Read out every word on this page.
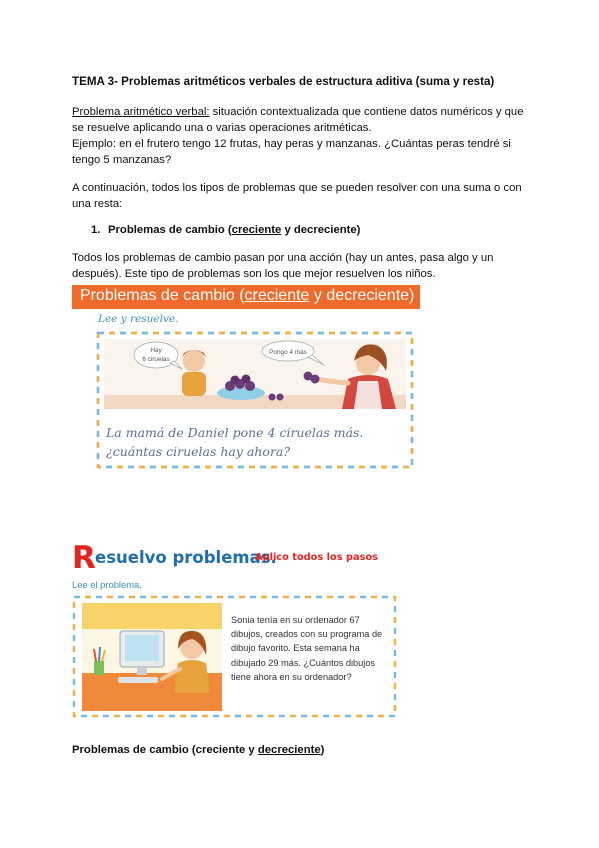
TEMA 3- Problemas aritméticos verbales de estructura aditiva (suma y resta)
Problema aritmético verbal: situación contextualizada que contiene datos numéricos y que
se resuelve aplicando una o varias operaciones aritméticas.
Ejemplo: en el frutero tengo 12 frutas, hay peras y manzanas. ¿Cuántas peras tendré si
tengo 5 manzanas?
A continuación, todos los tipos de problemas que se pueden resolver con una suma o con
una resta:
1. Problemas de cambio (creciente y decreciente)
Todos los problemas de cambio pasan por una acción (hay un antes, pasa algo y un
después). Este tipo de problemas son los que mejor resuelven los niños.
Problemas de cambio (creciente y decreciente)
Lee y resuelve.
Hay
6 ciruelas
Pongo 4 más
La mamá de Daniel pone 4 ciruelas más.
¿cuántas ciruelas hay ahora?
R esuelvo problemas.
Aplico todos los pasos
Lee el problema.
Sonia tenía en su ordenador 67 dibujos, creados con su programa de dibujo favorito. Esta semana ha dibujado 29 más. ¿Cuántos dibujos tiene ahora en su ordenador?
Problemas de cambio (creciente y decreciente)
